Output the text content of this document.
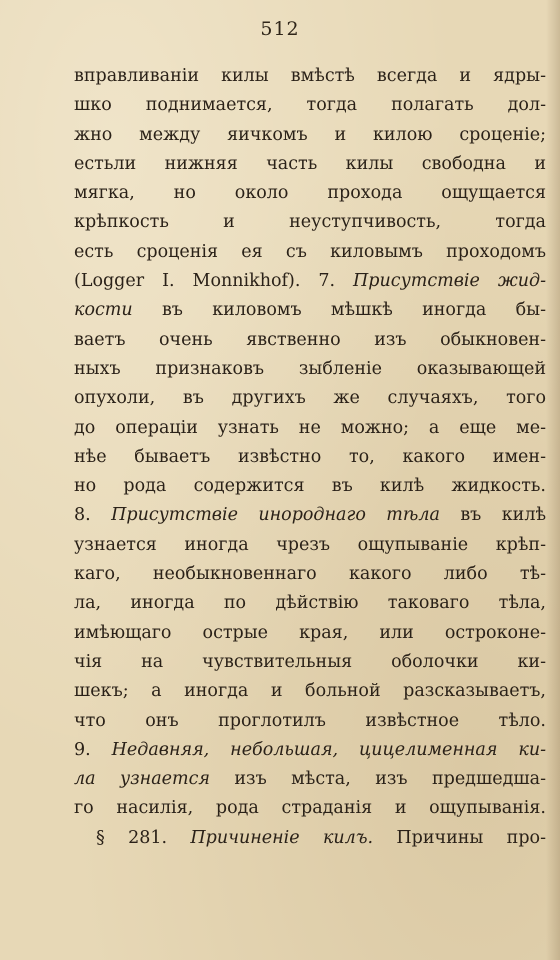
512
вправливаніи килы вмѣстѣ всегда и ядры-
шко поднимается, тогда полагать дол-
жно между яичкомъ и килою сроценіе;
естьли нижняя часть килы свободна и
мягка, но около прохода ощущается
крѣпкость и неуступчивость, тогда
есть сроценія ея съ киловымъ проходомъ
(Logger I. Monnikhof). 7. Присутствіе жид-
кости въ киловомъ мѣшкѣ иногда бы-
ваетъ очень явственно изъ обыкновен-
ныхъ признаковъ зыбленіе оказывающей
опухоли, въ другихъ же случаяхъ, того
до операціи узнать не можно; а еще ме-
нѣе бываетъ извѣстно то, какого имен-
но рода содержится въ килѣ жидкость.
8. Присутствіе инороднаго тѣла въ килѣ
узнается иногда чрезъ ощупываніе крѣп-
каго, необыкновеннаго какого либо тѣ-
ла, иногда по дѣйствію таковаго тѣла,
имѣющаго острые края, или остроконе-
чія на чувствительныя оболочки ки-
шекъ; а иногда и больной разсказываетъ,
что онъ проглотилъ извѣстное тѣло.
9. Недавняя, небольшая, цицелименная ки-
ла узнается изъ мѣста, изъ предшедша-
го насилія, рода страданія и ощупыванія.
§ 281. Причиненіе килъ. Причины про-
